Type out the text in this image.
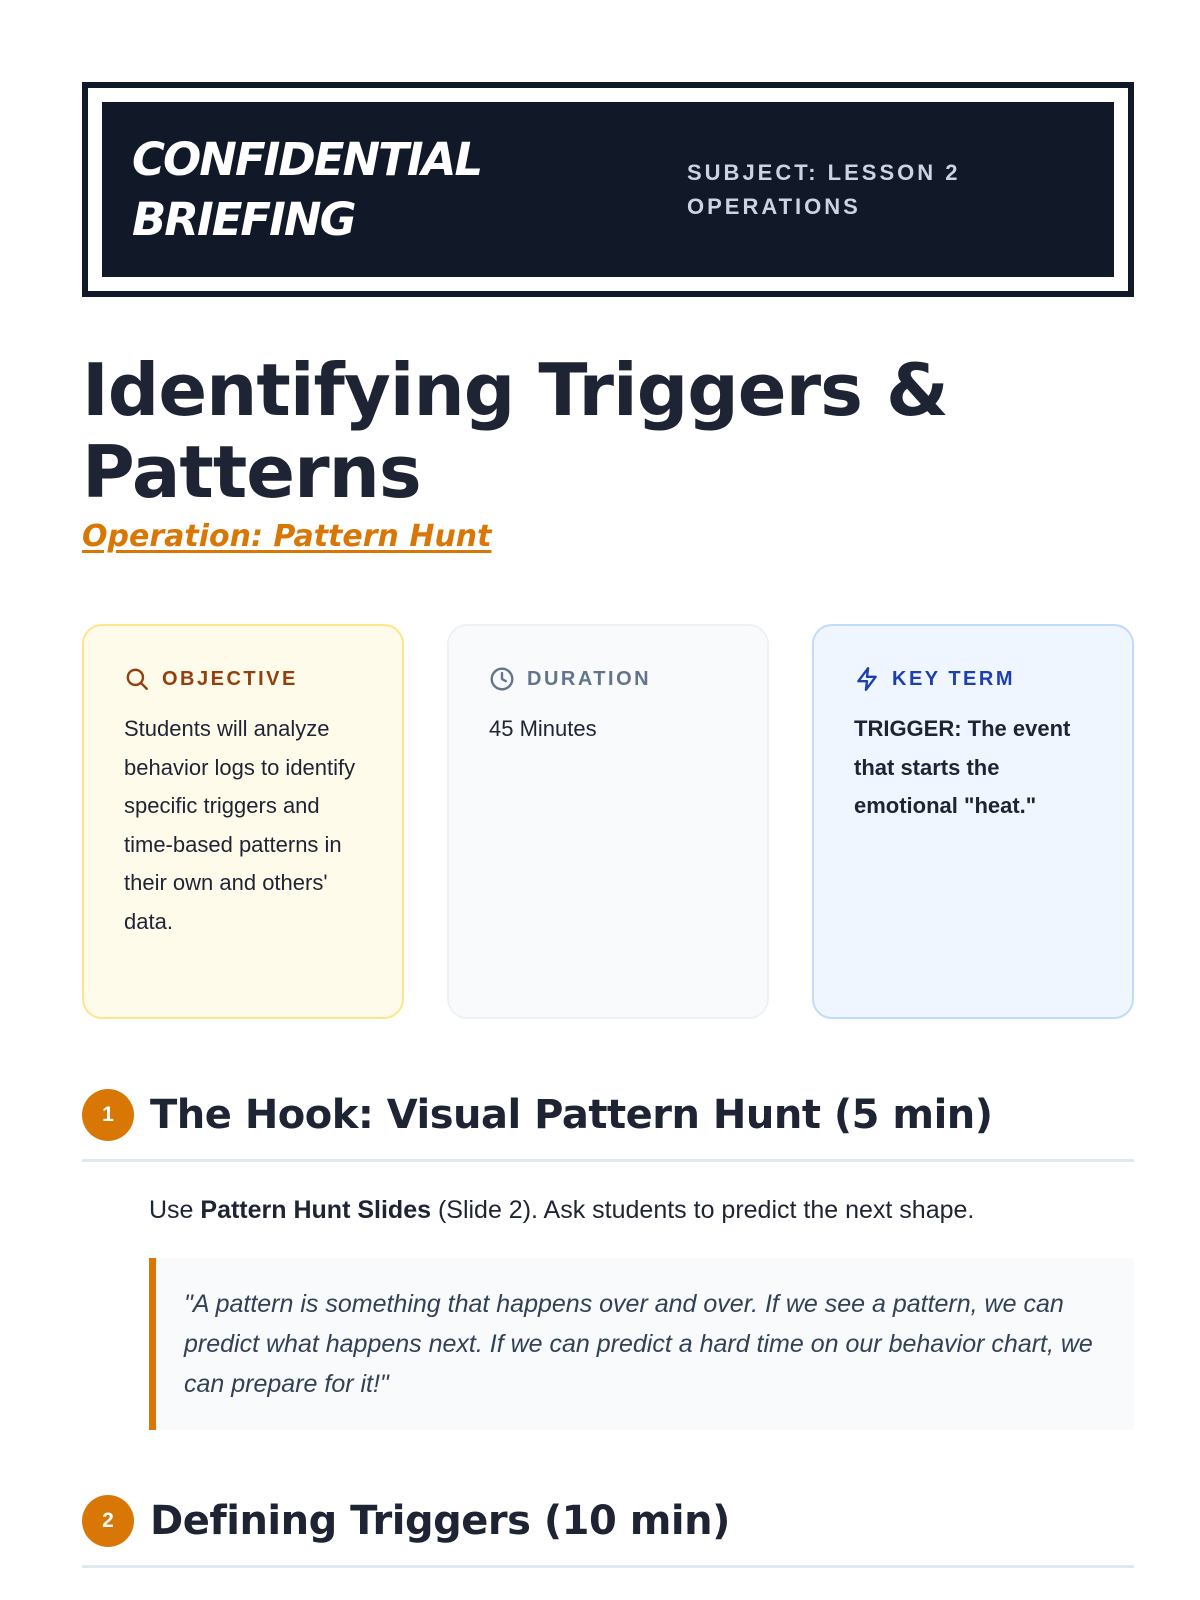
CONFIDENTIAL
BRIEFING
SUBJECT: LESSON 2
OPERATIONS
Identifying Triggers &
Patterns
Operation: Pattern Hunt
OBJECTIVE

Students will analyze behavior logs to identify specific triggers and time-based patterns in their own and others' data.

DURATION

45 Minutes

KEY TERM

TRIGGER: The event that starts the emotional "heat."

1 The Hook: Visual Pattern Hunt (5 min)

Use Pattern Hunt Slides (Slide 2). Ask students to predict the next shape.

"A pattern is something that happens over and over. If we see a pattern, we can predict what happens next. If we can predict a hard time on our behavior chart, we can prepare for it!"
2 Defining Triggers (10 min)
